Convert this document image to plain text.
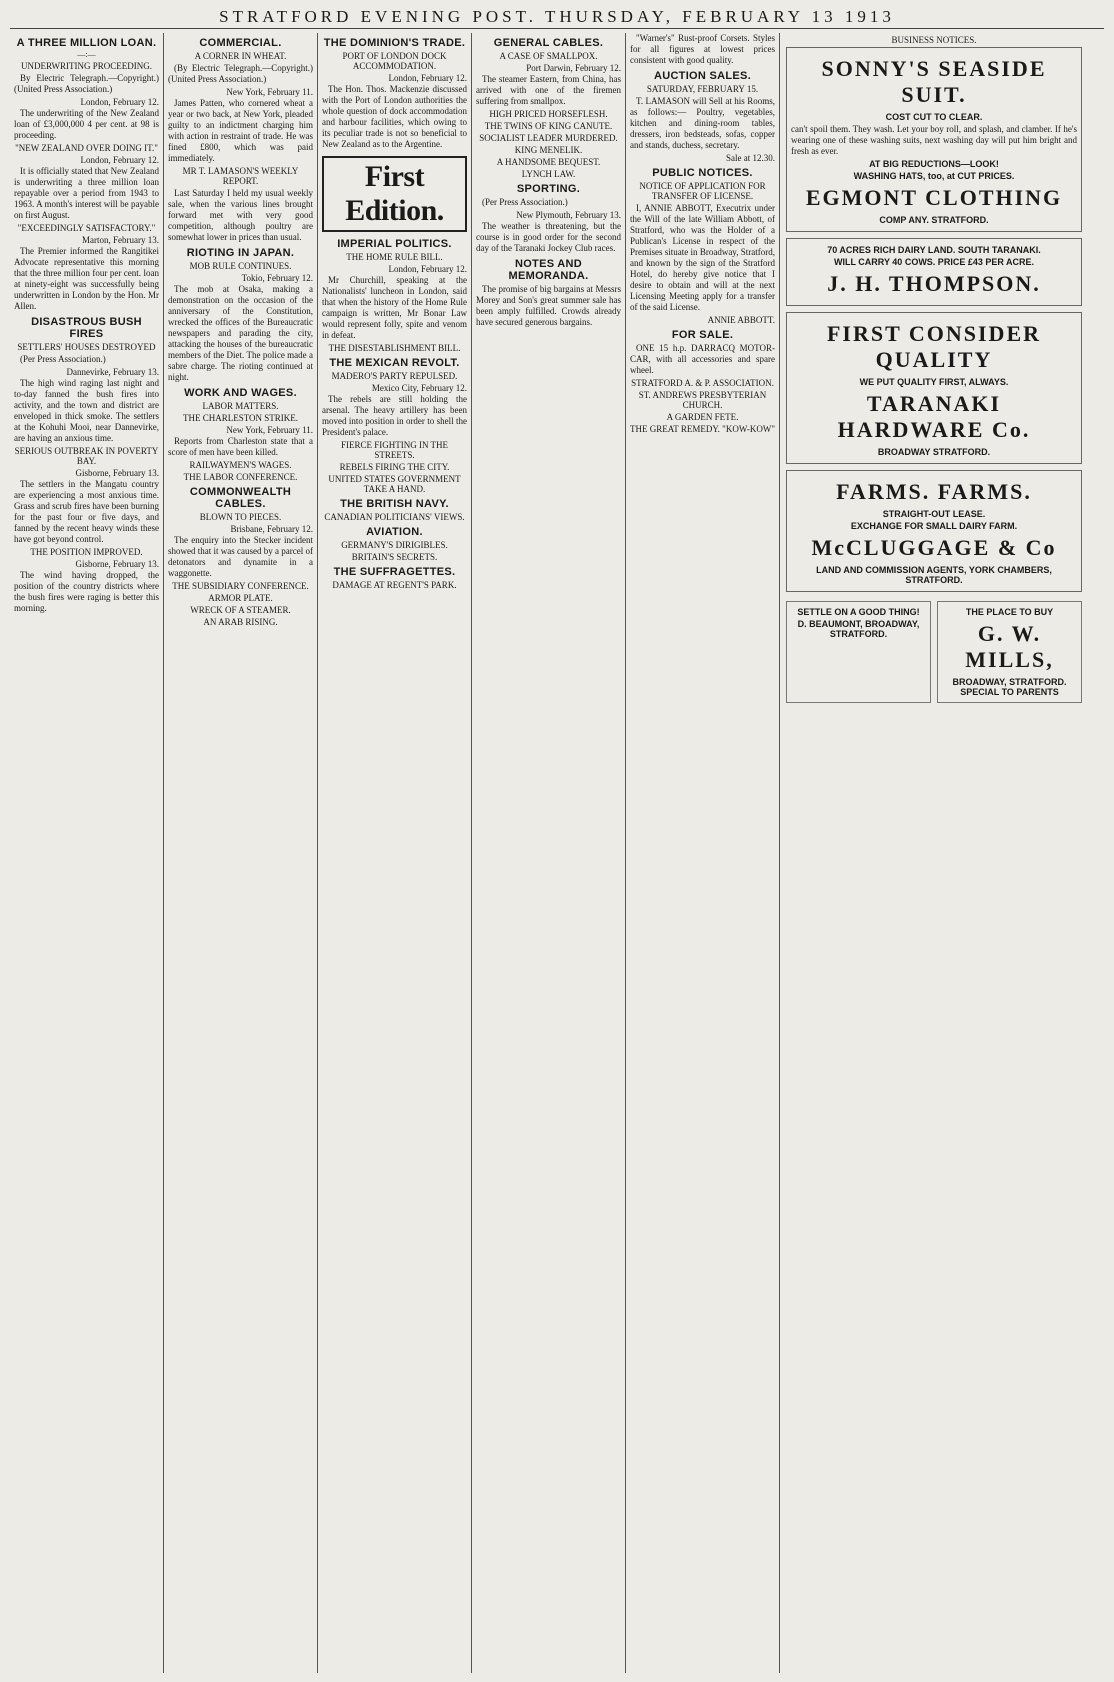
STRATFORD EVENING POST. THURSDAY, FEBRUARY 13 1913
A THREE MILLION LOAN.
—:—
UNDERWRITING PROCEEDING.

By Electric Telegraph.—Copyright.) (United Press Association.)

London, February 12.

The underwriting of the New Zealand loan of £3,000,000 4 per cent. at 98 is proceeding.

"NEW ZEALAND OVER DOING IT."
London, February 12.

It is officially stated that New Zealand is underwriting a three million loan repayable over a period from 1943 to 1963. A month's interest will be payable on first August.

"EXCEEDINGLY SATISFACTORY."
Marton, February 13.

The Premier informed the Rangitikei Advocate representative this morning that the three million four per cent. loan at ninety-eight was successfully being underwritten in London by the Hon. Mr Allen.

DISASTROUS BUSH FIRES
SETTLERS' HOUSES DESTROYED

(Per Press Association.)

Dannevirke, February 13.

The high wind raging last night and to-day fanned the bush fires into activity, and the town and district are enveloped in thick smoke. The settlers at the Kohuhi Mooi, near Dannevirke, are having an anxious time.

SERIOUS OUTBREAK IN POVERTY BAY.
Gisborne, February 13.

The settlers in the Mangatu country are experiencing a most anxious time. Grass and scrub fires have been burning for the past four or five days, and fanned by the recent heavy winds these have got beyond control.

THE POSITION IMPROVED.
Gisborne, February 13.

The wind having dropped, the position of the country districts where the bush fires were raging is better this morning.

COMMERCIAL.
A CORNER IN WHEAT.

(By Electric Telegraph.—Copyright.) (United Press Association.)

New York, February 11.

James Patten, who cornered wheat a year or two back, at New York, pleaded guilty to an indictment charging him with action in restraint of trade. He was fined £800, which was paid immediately.

MR T. LAMASON'S WEEKLY REPORT.

Last Saturday I held my usual weekly sale, when the various lines brought forward met with very good competition, although poultry are somewhat lower in prices than usual.

RIOTING IN JAPAN.
MOB RULE CONTINUES.
Tokio, February 12.

The mob at Osaka, making a demonstration on the occasion of the anniversary of the Constitution, wrecked the offices of the Bureaucratic newspapers and parading the city, attacking the houses of the bureaucratic members of the Diet. The police made a sabre charge. The rioting continued at night.

WORK AND WAGES.
LABOR MATTERS.
THE CHARLESTON STRIKE.
New York, February 11.

Reports from Charleston state that a score of men have been killed.

RAILWAYMEN'S WAGES.
THE LABOR CONFERENCE.
COMMONWEALTH CABLES.
BLOWN TO PIECES.
Brisbane, February 12.

The enquiry into the Stecker incident showed that it was caused by a parcel of detonators and dynamite in a waggonette.

THE SUBSIDIARY CONFERENCE.
ARMOR PLATE.
WRECK OF A STEAMER.
AN ARAB RISING.
THE DOMINION'S TRADE.
PORT OF LONDON DOCK ACCOMMODATION.
London, February 12.

The Hon. Thos. Mackenzie discussed with the Port of London authorities the whole question of dock accommodation and harbour facilities, which owing to its peculiar trade is not so beneficial to New Zealand as to the Argentine.

First Edition.
IMPERIAL POLITICS.
THE HOME RULE BILL.
London, February 12.

Mr Churchill, speaking at the Nationalists' luncheon in London, said that when the history of the Home Rule campaign is written, Mr Bonar Law would represent folly, spite and venom in defeat.

THE DISESTABLISHMENT BILL.
THE MEXICAN REVOLT.
MADERO'S PARTY REPULSED.
Mexico City, February 12.

The rebels are still holding the arsenal. The heavy artillery has been moved into position in order to shell the President's palace.

FIERCE FIGHTING IN THE STREETS.
REBELS FIRING THE CITY.
UNITED STATES GOVERNMENT TAKE A HAND.
THE BRITISH NAVY.
CANADIAN POLITICIANS' VIEWS.
AVIATION.
GERMANY'S DIRIGIBLES.
BRITAIN'S SECRETS.
THE SUFFRAGETTES.
DAMAGE AT REGENT'S PARK.
GENERAL CABLES.
A CASE OF SMALLPOX.
Port Darwin, February 12.

The steamer Eastern, from China, has arrived with one of the firemen suffering from smallpox.

HIGH PRICED HORSEFLESH.
THE TWINS OF KING CANUTE.
SOCIALIST LEADER MURDERED.
KING MENELIK.
A HANDSOME BEQUEST.
LYNCH LAW.
SPORTING.

(Per Press Association.)

New Plymouth, February 13.

The weather is threatening, but the course is in good order for the second day of the Taranaki Jockey Club races.

NOTES AND MEMORANDA.

The promise of big bargains at Messrs Morey and Son's great summer sale has been amply fulfilled. Crowds already have secured generous bargains.

"Warner's" Rust-proof Corsets. Styles for all figures at lowest prices consistent with good quality.

AUCTION SALES.
SATURDAY, FEBRUARY 15.

T. LAMASON will Sell at his Rooms, as follows:— Poultry, vegetables, kitchen and dining-room tables, dressers, iron bedsteads, sofas, copper and stands, duchess, secretary.

Sale at 12.30.
PUBLIC NOTICES.
NOTICE OF APPLICATION FOR TRANSFER OF LICENSE.

I, ANNIE ABBOTT, Executrix under the Will of the late William Abbott, of Stratford, who was the Holder of a Publican's License in respect of the Premises situate in Broadway, Stratford, and known by the sign of the Stratford Hotel, do hereby give notice that I desire to obtain and will at the next Licensing Meeting apply for a transfer of the said License.

ANNIE ABBOTT.
FOR SALE.

ONE 15 h.p. DARRACQ MOTOR-CAR, with all accessories and spare wheel.

STRATFORD A. & P. ASSOCIATION.
ST. ANDREWS PRESBYTERIAN CHURCH.
A GARDEN FETE.
THE GREAT REMEDY. "KOW-KOW"
BUSINESS NOTICES.
SONNY'S SEASIDE SUIT.
COST CUT TO CLEAR.
can't spoil them. They wash. Let your boy roll, and splash, and clamber. If he's wearing one of these washing suits, next washing day will put him bright and fresh as ever.
AT BIG REDUCTIONS—LOOK!
WASHING HATS, too, at CUT PRICES.
EGMONT CLOTHING
COMP ANY. STRATFORD.
70 ACRES RICH DAIRY LAND. SOUTH TARANAKI.
WILL CARRY 40 COWS. PRICE £43 PER ACRE.
J. H. THOMPSON.
FIRST CONSIDER QUALITY
WE PUT QUALITY FIRST, ALWAYS.
TARANAKI HARDWARE Co.
BROADWAY STRATFORD.
FARMS. FARMS.
STRAIGHT-OUT LEASE.
EXCHANGE FOR SMALL DAIRY FARM.
McCLUGGAGE & Co
LAND AND COMMISSION AGENTS, YORK CHAMBERS, STRATFORD.
SETTLE ON A GOOD THING!
D. BEAUMONT, BROADWAY, STRATFORD.
THE PLACE TO BUY
G. W. MILLS,
BROADWAY, STRATFORD. SPECIAL TO PARENTS
